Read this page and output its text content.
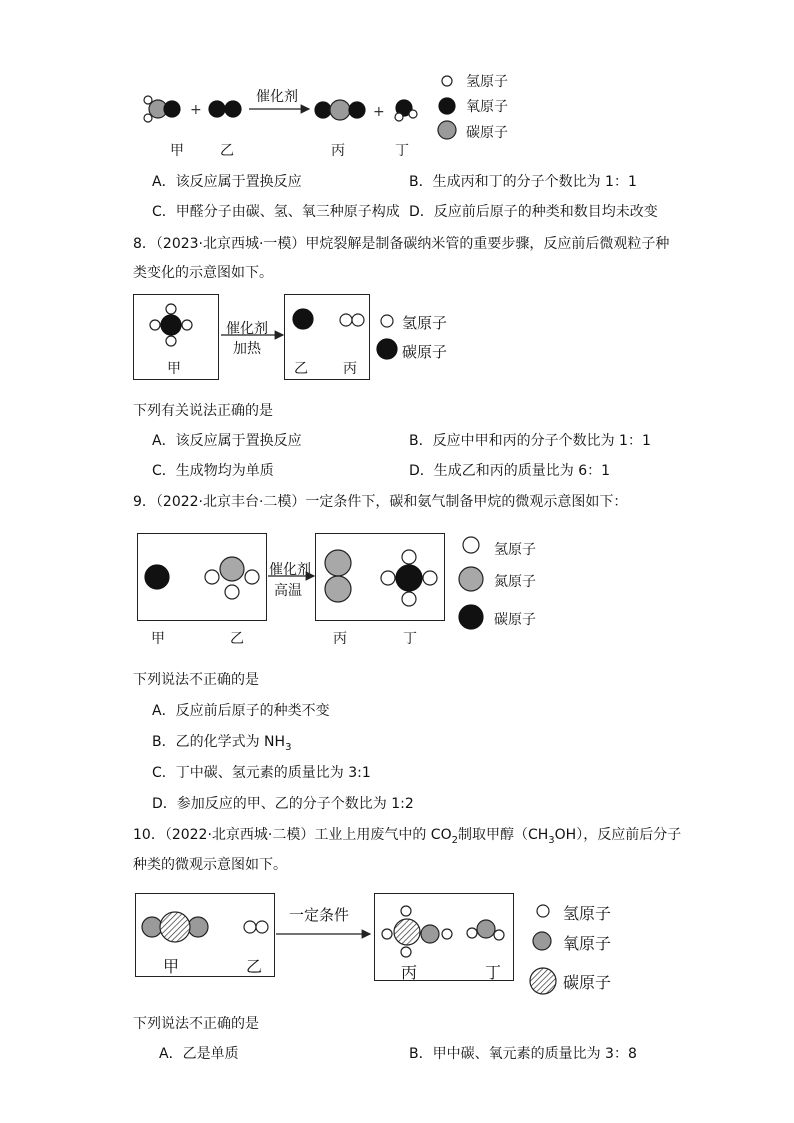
+
催化剂
+
甲	乙	丙	丁
氢原子
氧原子
碳原子
A．该反应属于置换反应	B．生成丙和丁的分子个数比为 1：1
C．甲醛分子由碳、氢、氧三种原子构成 D．反应前后原子的种类和数目均未改变
8．（2023·北京西城·一模）甲烷裂解是制备碳纳米管的重要步骤，反应前后微观粒子种
类变化的示意图如下。
甲
催化剂
加热
乙	丙
氢原子
碳原子
下列有关说法正确的是
A．该反应属于置换反应	B．反应中甲和丙的分子个数比为 1：1
C．生成物均为单质	D．生成乙和丙的质量比为 6：1
9．（2022·北京丰台·二模）一定条件下，碳和氨气制备甲烷的微观示意图如下：
催化剂
高温
甲	乙	丙	丁
氢原子
氮原子
碳原子
下列说法不正确的是
A．反应前后原子的种类不变
B．乙的化学式为 $NH_3$
C．丁中碳、氢元素的质量比为 3:1
D．参加反应的甲、乙的分子个数比为 1:2
10．（2022·北京西城·二模）工业上用废气中的 $CO_2$制取甲醇$(CH_3OH)$，反应前后分子
种类的微观示意图如下。
甲	乙
一定条件
丙	丁
氢原子
氧原子
碳原子
下列说法不正确的是
A．乙是单质	B．甲中碳、氧元素的质量比为 3：8
